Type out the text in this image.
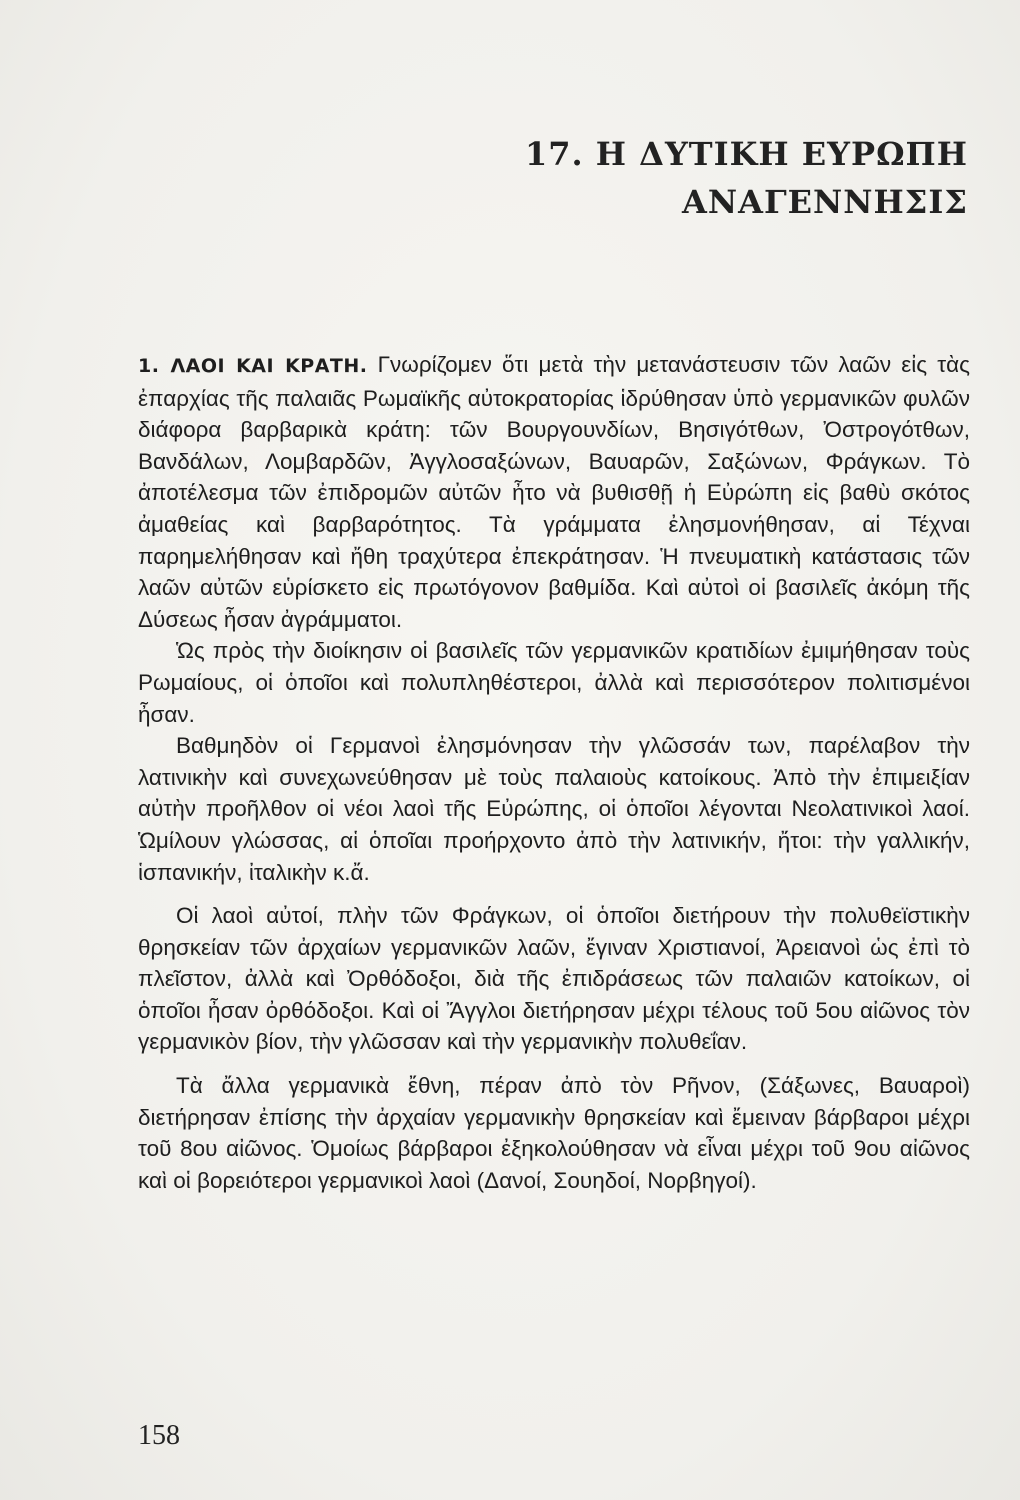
17. Η ΔΥΤΙΚΗ ΕΥΡΩΠΗ
ΑΝΑΓΕΝΝΗΣΙΣ

1. ΛΑΟΙ ΚΑΙ ΚΡΑΤΗ. Γνωρίζομεν ὅτι μετὰ τὴν μετανάστευσιν τῶν λαῶν εἰς τὰς ἐπαρχίας τῆς παλαιᾶς Ρωμαϊκῆς αὐτοκρατορίας ἱδρύθησαν ὑπὸ γερμανικῶν φυλῶν διάφορα βαρβαρικὰ κράτη: τῶν Βουργουνδίων, Βησιγότθων, Ὀστρογότθων, Βανδάλων, Λομβαρδῶν, Ἀγγλοσαξώνων, Βαυαρῶν, Σαξώνων, Φράγκων. Τὸ ἀποτέλεσμα τῶν ἐπιδρομῶν αὐτῶν ἦτο νὰ βυθισθῇ ἡ Εὐρώπη εἰς βαθὺ σκότος ἀμαθείας καὶ βαρβαρότητος. Τὰ γράμματα ἐλησμονήθησαν, αἱ Τέχναι παρημελήθησαν καὶ ἤθη τραχύτερα ἐπεκράτησαν. Ἡ πνευματικὴ κατάστασις τῶν λαῶν αὐτῶν εὑρίσκετο εἰς πρωτόγονον βαθμίδα. Καὶ αὐτοὶ οἱ βασιλεῖς ἀκόμη τῆς Δύσεως ἦσαν ἀγράμματοι.

Ὡς πρὸς τὴν διοίκησιν οἱ βασιλεῖς τῶν γερμανικῶν κρατιδίων ἐμιμήθησαν τοὺς Ρωμαίους, οἱ ὁποῖοι καὶ πολυπληθέστεροι, ἀλλὰ καὶ περισσότερον πολιτισμένοι ἦσαν.

Βαθμηδὸν οἱ Γερμανοὶ ἐλησμόνησαν τὴν γλῶσσάν των, παρέλαβον τὴν λατινικὴν καὶ συνεχωνεύθησαν μὲ τοὺς παλαιοὺς κατοίκους. Ἀπὸ τὴν ἐπιμειξίαν αὐτὴν προῆλθον οἱ νέοι λαοὶ τῆς Εὐρώπης, οἱ ὁποῖοι λέγονται Νεολατινικοὶ λαοί. Ὡμίλουν γλώσσας, αἱ ὁποῖαι προήρχοντο ἀπὸ τὴν λατινικήν, ἤτοι: τὴν γαλλικήν, ἱσπανικήν, ἰταλικὴν κ.ἄ.

Οἱ λαοὶ αὐτοί, πλὴν τῶν Φράγκων, οἱ ὁποῖοι διετήρουν τὴν πολυθεϊστικὴν θρησκείαν τῶν ἀρχαίων γερμανικῶν λαῶν, ἔγιναν Χριστιανοί, Ἀρειανοὶ ὡς ἐπὶ τὸ πλεῖστον, ἀλλὰ καὶ Ὀρθόδοξοι, διὰ τῆς ἐπιδράσεως τῶν παλαιῶν κατοίκων, οἱ ὁποῖοι ἦσαν ὀρθόδοξοι. Καὶ οἱ Ἄγγλοι διετήρησαν μέχρι τέλους τοῦ 5ου αἰῶνος τὸν γερμανικὸν βίον, τὴν γλῶσσαν καὶ τὴν γερμανικὴν πολυθεΐαν.

Τὰ ἄλλα γερμανικὰ ἔθνη, πέραν ἀπὸ τὸν Ρῆνον, (Σάξωνες, Βαυαροὶ) διετήρησαν ἐπίσης τὴν ἀρχαίαν γερμανικὴν θρησκείαν καὶ ἔμειναν βάρβαροι μέχρι τοῦ 8ου αἰῶνος. Ὁμοίως βάρβαροι ἐξηκολούθησαν νὰ εἶναι μέχρι τοῦ 9ου αἰῶνος καὶ οἱ βορειότεροι γερμανικοὶ λαοὶ (Δανοί, Σουηδοί, Νορβηγοί).

158
